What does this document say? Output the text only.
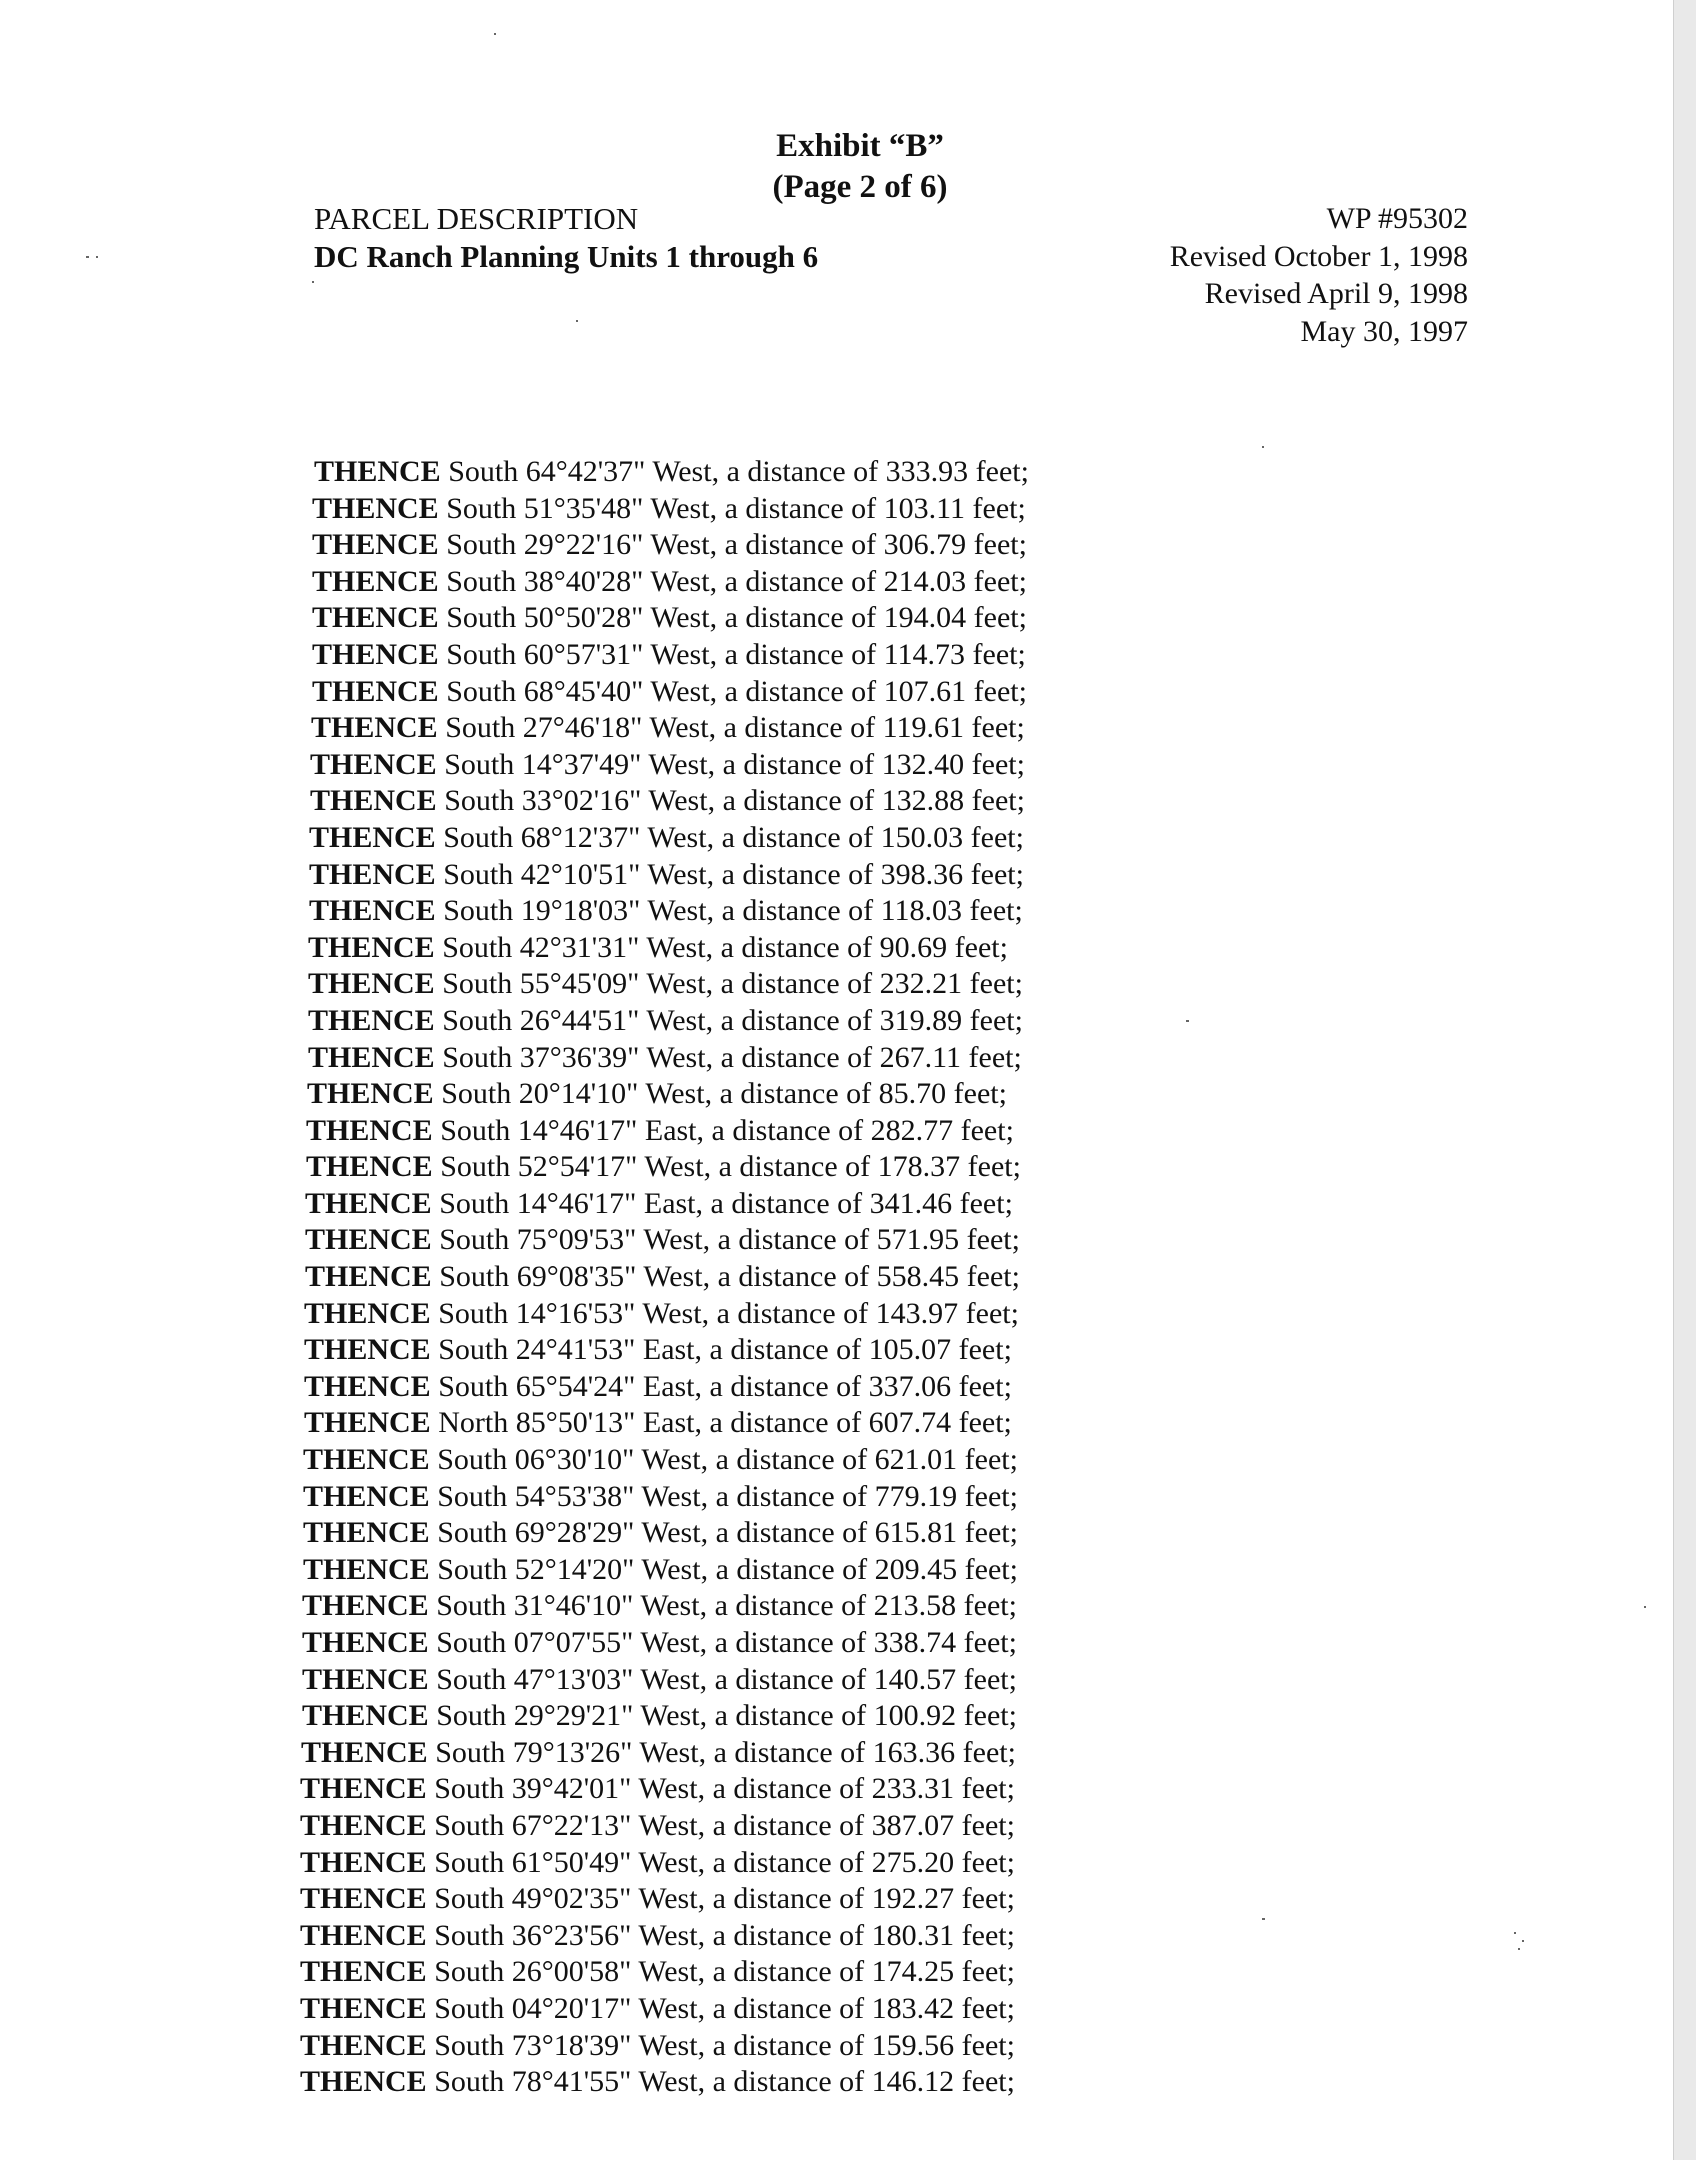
Exhibit “B”
(Page 2 of 6)
PARCEL DESCRIPTION
DC Ranch Planning Units 1 through 6
WP #95302
Revised October 1, 1998
Revised April 9, 1998
May 30, 1997
THENCE South 64°42'37" West, a distance of 333.93 feet;
THENCE South 51°35'48" West, a distance of 103.11 feet;
THENCE South 29°22'16" West, a distance of 306.79 feet;
THENCE South 38°40'28" West, a distance of 214.03 feet;
THENCE South 50°50'28" West, a distance of 194.04 feet;
THENCE South 60°57'31" West, a distance of 114.73 feet;
THENCE South 68°45'40" West, a distance of 107.61 feet;
THENCE South 27°46'18" West, a distance of 119.61 feet;
THENCE South 14°37'49" West, a distance of 132.40 feet;
THENCE South 33°02'16" West, a distance of 132.88 feet;
THENCE South 68°12'37" West, a distance of 150.03 feet;
THENCE South 42°10'51" West, a distance of 398.36 feet;
THENCE South 19°18'03" West, a distance of 118.03 feet;
THENCE South 42°31'31" West, a distance of 90.69 feet;
THENCE South 55°45'09" West, a distance of 232.21 feet;
THENCE South 26°44'51" West, a distance of 319.89 feet;
THENCE South 37°36'39" West, a distance of 267.11 feet;
THENCE South 20°14'10" West, a distance of 85.70 feet;
THENCE South 14°46'17" East, a distance of 282.77 feet;
THENCE South 52°54'17" West, a distance of 178.37 feet;
THENCE South 14°46'17" East, a distance of 341.46 feet;
THENCE South 75°09'53" West, a distance of 571.95 feet;
THENCE South 69°08'35" West, a distance of 558.45 feet;
THENCE South 14°16'53" West, a distance of 143.97 feet;
THENCE South 24°41'53" East, a distance of 105.07 feet;
THENCE South 65°54'24" East, a distance of 337.06 feet;
THENCE North 85°50'13" East, a distance of 607.74 feet;
THENCE South 06°30'10" West, a distance of 621.01 feet;
THENCE South 54°53'38" West, a distance of 779.19 feet;
THENCE South 69°28'29" West, a distance of 615.81 feet;
THENCE South 52°14'20" West, a distance of 209.45 feet;
THENCE South 31°46'10" West, a distance of 213.58 feet;
THENCE South 07°07'55" West, a distance of 338.74 feet;
THENCE South 47°13'03" West, a distance of 140.57 feet;
THENCE South 29°29'21" West, a distance of 100.92 feet;
THENCE South 79°13'26" West, a distance of 163.36 feet;
THENCE South 39°42'01" West, a distance of 233.31 feet;
THENCE South 67°22'13" West, a distance of 387.07 feet;
THENCE South 61°50'49" West, a distance of 275.20 feet;
THENCE South 49°02'35" West, a distance of 192.27 feet;
THENCE South 36°23'56" West, a distance of 180.31 feet;
THENCE South 26°00'58" West, a distance of 174.25 feet;
THENCE South 04°20'17" West, a distance of 183.42 feet;
THENCE South 73°18'39" West, a distance of 159.56 feet;
THENCE South 78°41'55" West, a distance of 146.12 feet;
